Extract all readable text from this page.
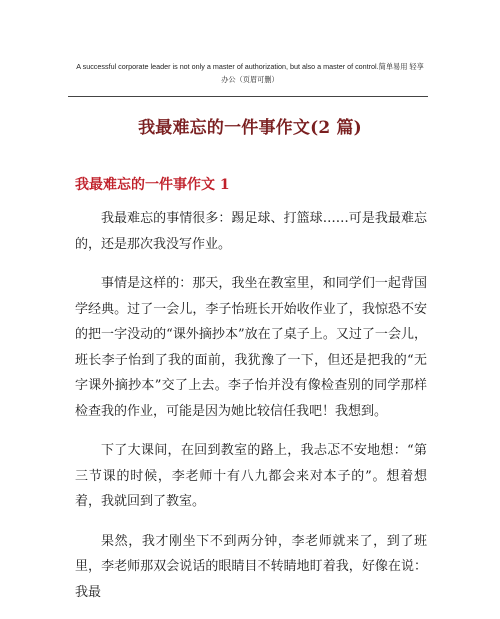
A successful corporate leader is not only a master of authorization, but also a master of control.简单易用 轻享
办公（页眉可删）
我最难忘的一件事作文(2 篇)
我最难忘的一件事作文 1

我最难忘的事情很多：踢足球、打篮球……可是我最难忘的，还是那次我没写作业。

事情是这样的：那天，我坐在教室里，和同学们一起背国学经典。过了一会儿，李子怡班长开始收作业了，我惊恐不安的把一字没动的“课外摘抄本”放在了桌子上。又过了一会儿，班长李子怡到了我的面前，我犹豫了一下，但还是把我的“无字课外摘抄本”交了上去。李子怡并没有像检查别的同学那样检查我的作业，可能是因为她比较信任我吧！我想到。

下了大课间，在回到教室的路上，我忐忑不安地想：“第三节课的时候，李老师十有八九都会来对本子的”。想着想着，我就回到了教室。

果然，我才刚坐下不到两分钟，李老师就来了，到了班里，李老师那双会说话的眼睛目不转睛地盯着我，好像在说：我最
